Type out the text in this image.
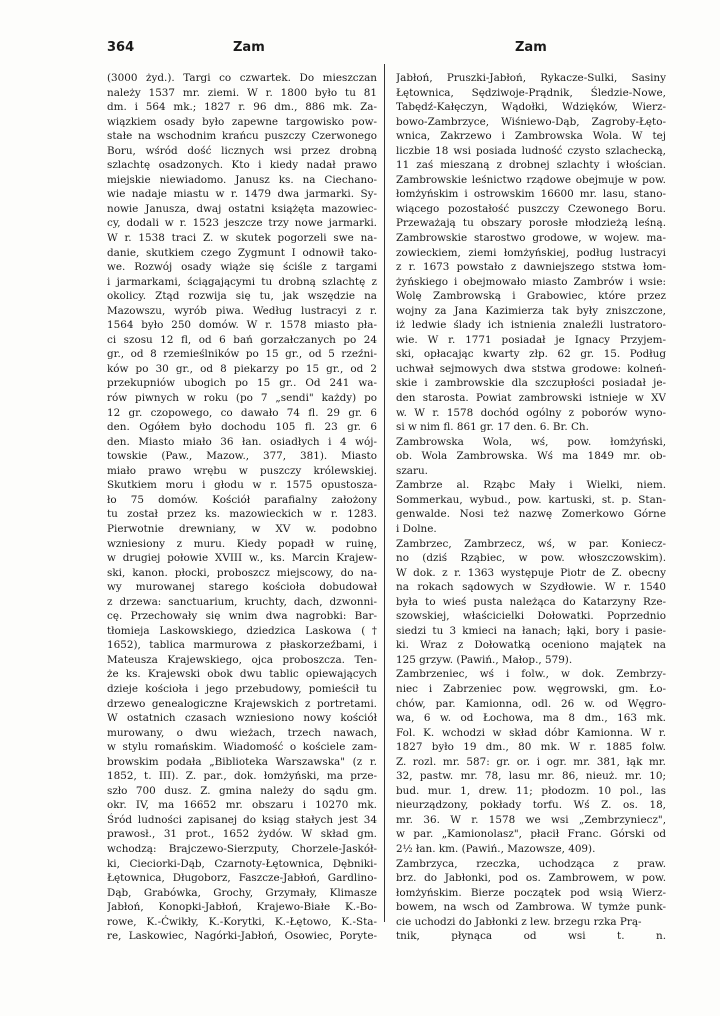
364	Zam	Zam
(3000 żyd.). Targi co czwartek. Do mieszczan
należy 1537 mr. ziemi. W r. 1800 było tu 81
dm. i 564 mk.; 1827 r. 96 dm., 886 mk. Za-
wiązkiem osady było zapewne targowisko pow-
stałe na wschodnim krańcu puszczy Czerwonego
Boru, wśród dość licznych wsi przez drobną
szlachtę osadzonych. Kto i kiedy nadał prawo
miejskie niewiadomo. Janusz ks. na Ciechano-
wie nadaje miastu w r. 1479 dwa jarmarki. Sy-
nowie Janusza, dwaj ostatni książęta mazowiec-
cy, dodali w r. 1523 jeszcze trzy nowe jarmarki.
W r. 1538 traci Z. w skutek pogorzeli swe na-
danie, skutkiem czego Zygmunt I odnowił tako-
we. Rozwój osady wiąże się ściśle z targami
i jarmarkami, ściągającymi tu drobną szlachtę z
okolicy. Ztąd rozwija się tu, jak wszędzie na
Mazowszu, wyrób piwa. Według lustracyi z r.
1564 było 250 domów. W r. 1578 miasto pła-
ci szosu 12 fl, od 6 bań gorzałczanych po 24
gr., od 8 rzemieślników po 15 gr., od 5 rzeźni-
ków po 30 gr., od 8 piekarzy po 15 gr., od 2
przekupniów ubogich po 15 gr.. Od 241 wa-
rów piwnych w roku (po 7 „sendi" każdy) po
12 gr. czopowego, co dawało 74 fl. 29 gr. 6
den. Ogółem było dochodu 105 fl. 23 gr. 6
den. Miasto miało 36 łan. osiadłych i 4 wój-
towskie (Paw., Mazow., 377, 381). Miasto
miało prawo wrębu w puszczy królewskiej.
Skutkiem moru i głodu w r. 1575 opustosza-
ło 75 domów. Kościół parafialny założony
tu został przez ks. mazowieckich w r. 1283.
Pierwotnie drewniany, w XV w. podobno
wzniesiony z muru. Kiedy popadł w ruinę,
w drugiej połowie XVIII w., ks. Marcin Krajew-
ski, kanon. płocki, proboszcz miejscowy, do na-
wy murowanej starego kościoła dobudował
z drzewa: sanctuarium, kruchty, dach, dzwonni-
cę. Przechowały się wnim dwa nagrobki: Bar-
tłomieja Laskowskiego, dziedzica Laskowa (†
1652), tablica marmurowa z płaskorzeźbami, i
Mateusza Krajewskiego, ojca proboszcza. Ten-
że ks. Krajewski obok dwu tablic opiewających
dzieje kościoła i jego przebudowy, pomieścił tu
drzewo genealogiczne Krajewskich z portretami.
W ostatnich czasach wzniesiono nowy kościół
murowany, o dwu wieżach, trzech nawach,
w stylu romańskim. Wiadomość o kościele zam-
browskim podała „Biblioteka Warszawska" (z r.
1852, t. III). Z. par., dok. łomżyński, ma prze-
szło 700 dusz. Z. gmina należy do sądu gm.
okr. IV, ma 16652 mr. obszaru i 10270 mk.
Śród ludności zapisanej do ksiąg stałych jest 34
prawosł., 31 prot., 1652 żydów. W skład gm.
wchodzą: Brajczewo-Sierzputy, Chorzele-Jaskół-
ki, Cieciorki-Dąb, Czarnoty-Łętownica, Dębniki-
Łętownica, Długoborz, Faszcze-Jabłoń, Gardlino-
Dąb, Grabówka, Grochy, Grzymały, Klimasze
Jabłoń, Konopki-Jabłoń, Krajewo-Białe K.-Bo-
rowe, K.-Ćwikły, K.-Korytki, K.-Łętowo, K.-Sta-
re, Laskowiec, Nagórki-Jabłoń, Osowiec, Poryte-
Jabłoń, Pruszki-Jabłoń, Rykacze-Sulki, Sasiny
Łętownica, Sędziwoje-Prądnik, Śledzie-Nowe,
Tabędź-Kałęczyn, Wądołki, Wdzięków, Wierz-
bowo-Zambrzyce, Wiśniewo-Dąb, Zagroby-Łęto-
wnica, Zakrzewo i Zambrowska Wola. W tej
liczbie 18 wsi posiada ludność czysto szlachecką,
11 zaś mieszaną z drobnej szlachty i włościan.
Zambrowskie leśnictwo rządowe obejmuje w pow.
łomżyńskim i ostrowskim 16600 mr. lasu, stano-
wiącego pozostałość puszczy Czewonego Boru.
Przeważają tu obszary porosłe młodzieżą leśną.
Zambrowskie starostwo grodowe, w wojew. ma-
zowieckiem, ziemi łomżyńskiej, podług lustracyi
z r. 1673 powstało z dawniejszego ststwa łom-
żyńskiego i obejmowało miasto Zambrów i wsie:
Wolę Zambrowską i Grabowiec, które przez
wojny za Jana Kazimierza tak były zniszczone,
iż ledwie ślady ich istnienia znaleźli lustratoro-
wie. W r. 1771 posiadał je Ignacy Przyjem-
ski, opłacając kwarty złp. 62 gr. 15. Podług
uchwał sejmowych dwa ststwa grodowe: kolneń-
skie i zambrowskie dla szczupłości posiadał je-
den starosta. Powiat zambrowski istnieje w XV
w. W r. 1578 dochód ogólny z poborów wyno-
si w nim fl. 861 gr. 17 den. 6. Br. Ch.
Zambrowska Wola, wś, pow. łomżyński,
ob. Wola Zambrowska. Wś ma 1849 mr. ob-
szaru.
Zambrze al. Rząbc Mały i Wielki, niem.
Sommerkau, wybud., pow. kartuski, st. p. Stan-
genwalde. Nosi też nazwę Zomerkowo Górne
i Dolne.
Zambrzec, Zambrzecz, wś, w par. Koniecz-
no (dziś Rząbiec, w pow. włoszczowskim).
W dok. z r. 1363 występuje Piotr de Z. obecny
na rokach sądowych w Szydłowie. W r. 1540
była to wieś pusta należąca do Katarzyny Rze-
szowskiej, właścicielki Dołowatki. Poprzednio
siedzi tu 3 kmieci na łanach; łąki, bory i pasie-
ki. Wraz z Dołowatką oceniono majątek na
125 grzyw. (Pawiń., Małop., 579).
Zambrzeniec, wś i folw., w dok. Zembrzy-
niec i Zabrzeniec pow. węgrowski, gm. Ło-
chów, par. Kamionna, odl. 26 w. od Węgro-
wa, 6 w. od Łochowa, ma 8 dm., 163 mk.
Fol. K. wchodzi w skład dóbr Kamionna. W r.
1827 było 19 dm., 80 mk. W r. 1885 folw.
Z. rozl. mr. 587: gr. or. i ogr. mr. 381, łąk mr.
32, pastw. mr. 78, lasu mr. 86, nieuż. mr. 10;
bud. mur. 1, drew. 11; płodozm. 10 pol., las
nieurządzony, pokłady torfu. Wś Z. os. 18,
mr. 36. W r. 1578 we wsi „Zembrzyniecz",
w par. „Kamionolasz", płacił Franc. Górski od
2½ łan. km. (Pawiń., Mazowsze, 409).
Zambrzyca, rzeczka, uchodząca z praw.
brz. do Jabłonki, pod os. Zambrowem, w pow.
łomżyńskim. Bierze początek pod wsią Wierz-
bowem, na wsch od Zambrowa. W tymże punk-
cie uchodzi do Jabłonki z lew. brzegu rzka Prą-
tnik, płynąca od wsi t. n.
